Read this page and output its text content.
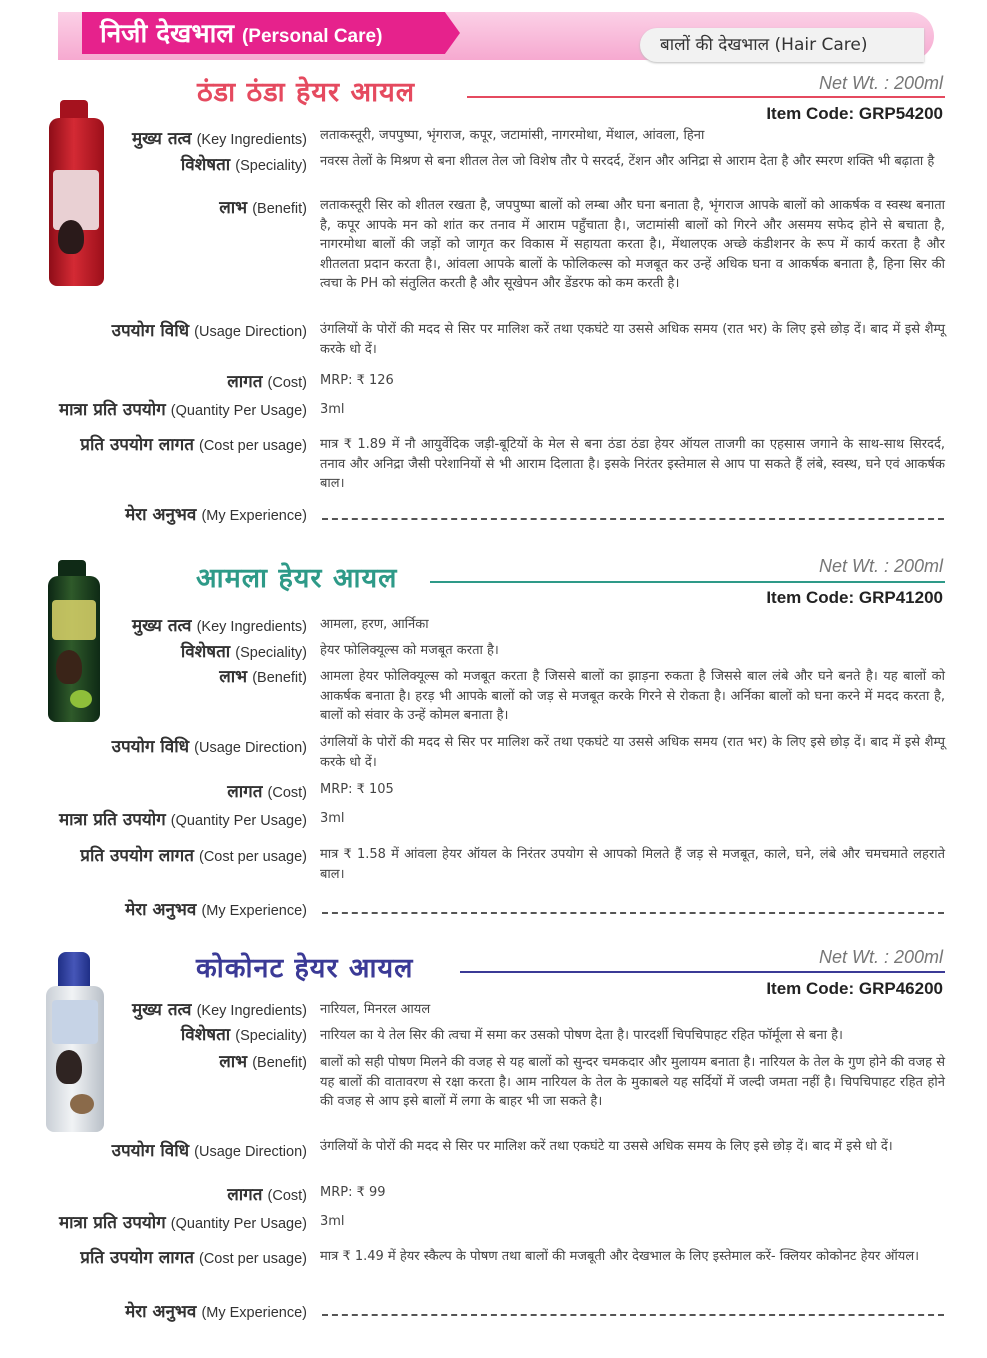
निजी देखभाल (Personal Care)	बालों की देखभाल (Hair Care)
ठंडा ठंडा हेयर आयल	Net Wt. : 200ml
Item Code: GRP54200
मुख्य तत्व (Key Ingredients) लताकस्तूरी, जपपुष्पा, भृंगराज, कपूर, जटामांसी, नागरमोथा, मेंथाल, आंवला, हिना
विशेषता (Speciality) नवरस तेलों के मिश्रण से बना शीतल तेल जो विशेष तौर पे सरदर्द, टेंशन और अनिद्रा से आराम देता है और स्मरण शक्ति भी बढ़ाता है
लाभ (Benefit) लताकस्तूरी सिर को शीतल रखता है, जपपुष्पा बालों को लम्बा और घना बनाता है, भृंगराज आपके बालों को आकर्षक व स्वस्थ बनाता है, कपूर आपके मन को शांत कर तनाव में आराम पहुँचाता है।, जटामांसी बालों को गिरने और असमय सफेद होने से बचाता है, नागरमोथा बालों की जड़ों को जागृत कर विकास में सहायता करता है।, मेंथालएक अच्छे कंडीशनर के रूप में कार्य करता है और शीतलता प्रदान करता है।, आंवला आपके बालों के फोलिकल्स को मजबूत कर उन्हें अधिक घना व आकर्षक बनाता है, हिना सिर की त्वचा के PH को संतुलित करती है और सूखेपन और डेंडरफ को कम करती है।
उपयोग विधि (Usage Direction) उंगलियों के पोरों की मदद से सिर पर मालिश करें तथा एकघंटे या उससे अधिक समय (रात भर) के लिए इसे छोड़ दें। बाद में इसे शैम्पू करके धो दें।
लागत (Cost) MRP: ₹ 126
मात्रा प्रति उपयोग (Quantity Per Usage) 3ml
प्रति उपयोग लागत (Cost per usage) मात्र ₹ 1.89 में नौ आयुर्वेदिक जड़ी-बूटियों के मेल से बना ठंडा ठंडा हेयर ऑयल ताजगी का एहसास जगाने के साथ-साथ सिरदर्द, तनाव और अनिद्रा जैसी परेशानियों से भी आराम दिलाता है। इसके निरंतर इस्तेमाल से आप पा सकते हैं लंबे, स्वस्थ, घने एवं आकर्षक बाल।
मेरा अनुभव (My Experience)
आमला हेयर आयल	Net Wt. : 200ml
Item Code: GRP41200
मुख्य तत्व (Key Ingredients) आमला, हरण, आर्निका
विशेषता (Speciality) हेयर फोलिक्यूल्स को मजबूत करता है।
लाभ (Benefit) आमला हेयर फोलिक्यूल्स को मजबूत करता है जिससे बालों का झाड़ना रुकता है जिससे बाल लंबे और घने बनते है। यह बालों को आकर्षक बनाता है। हरड़ भी आपके बालों को जड़ से मजबूत करके गिरने से रोकता है। अर्निका बालों को घना करने में मदद करता है, बालों को संवार के उन्हें कोमल बनाता है।
उपयोग विधि (Usage Direction) उंगलियों के पोरों की मदद से सिर पर मालिश करें तथा एकघंटे या उससे अधिक समय (रात भर) के लिए इसे छोड़ दें। बाद में इसे शैम्पू करके धो दें।
लागत (Cost) MRP: ₹ 105
मात्रा प्रति उपयोग (Quantity Per Usage) 3ml
प्रति उपयोग लागत (Cost per usage) मात्र ₹ 1.58 में आंवला हेयर ऑयल के निरंतर उपयोग से आपको मिलते हैं जड़ से मजबूत, काले, घने, लंबे और चमचमाते लहराते बाल।
मेरा अनुभव (My Experience)
कोकोनट हेयर आयल	Net Wt. : 200ml
Item Code: GRP46200
मुख्य तत्व (Key Ingredients) नारियल, मिनरल आयल
विशेषता (Speciality) नारियल का ये तेल सिर की त्वचा में समा कर उसको पोषण देता है। पारदर्शी चिपचिपाहट रहित फॉर्मूला से बना है।
लाभ (Benefit) बालों को सही पोषण मिलने की वजह से यह बालों को सुन्दर चमकदार और मुलायम बनाता है। नारियल के तेल के गुण होने की वजह से यह बालों की वातावरण से रक्षा करता है। आम नारियल के तेल के मुकाबले यह सर्दियों में जल्दी जमता नहीं है। चिपचिपाहट रहित होने की वजह से आप इसे बालों में लगा के बाहर भी जा सकते है।
उपयोग विधि (Usage Direction) उंगलियों के पोरों की मदद से सिर पर मालिश करें तथा एकघंटे या उससे अधिक समय के लिए इसे छोड़ दें। बाद में इसे धो दें।
लागत (Cost) MRP: ₹ 99
मात्रा प्रति उपयोग (Quantity Per Usage) 3ml
प्रति उपयोग लागत (Cost per usage) मात्र ₹ 1.49 में हेयर स्कैल्प के पोषण तथा बालों की मजबूती और देखभाल के लिए इस्तेमाल करें- क्लियर कोकोनट हेयर ऑयल।
मेरा अनुभव (My Experience)
